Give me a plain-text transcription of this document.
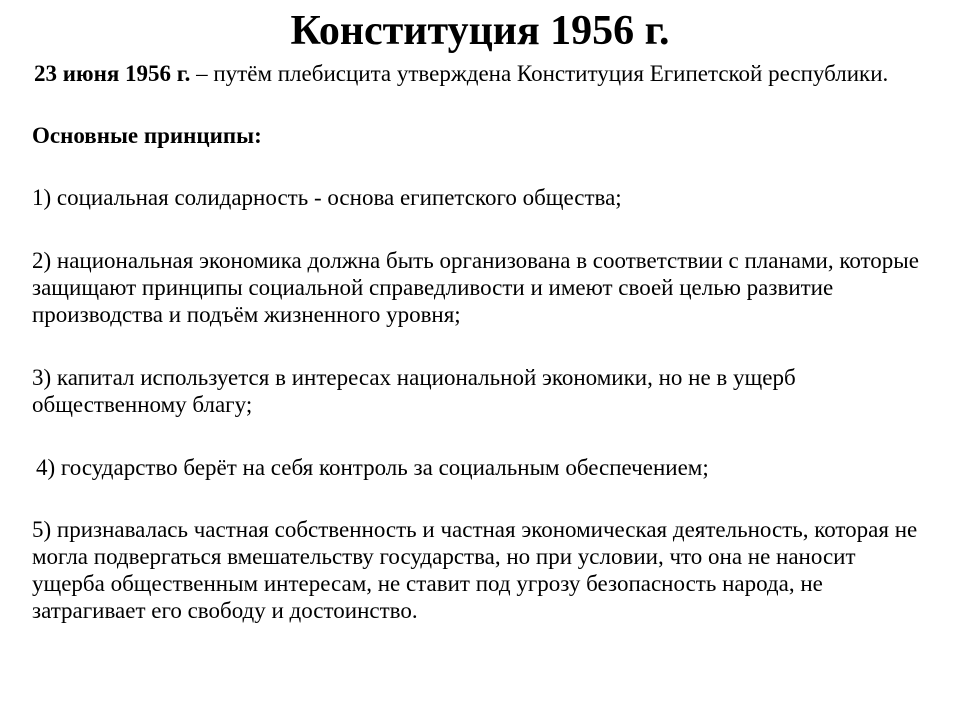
Конституция 1956 г.

23 июня 1956 г. – путём плебисцита утверждена Конституция Египетской республики.

Основные принципы:

1) социальная солидарность - основа египетского общества;

2) национальная экономика должна быть организована в соответствии с планами, которые защищают принципы социальной справедливости и имеют своей целью развитие производства и подъём жизненного уровня;

3) капитал используется в интересах национальной экономики, но не в ущерб общественному благу;

4) государство берёт на себя контроль за социальным обеспечением;

5) признавалась частная собственность и частная экономическая деятельность, которая не могла подвергаться вмешательству государства, но при условии, что она не наносит ущерба общественным интересам, не ставит под угрозу безопасность народа, не затрагивает его свободу и достоинство.
